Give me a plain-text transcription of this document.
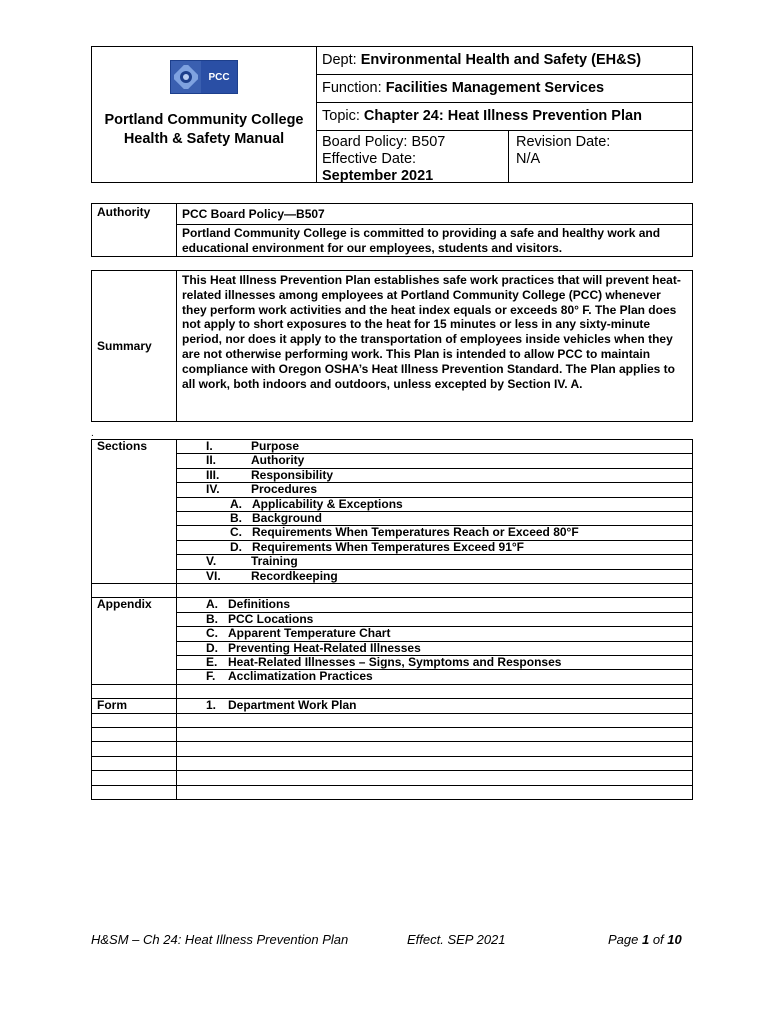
PCC
Portland Community College
Health & Safety Manual
	Dept: Environmental Health and Safety (EH&S)
Function: Facilities Management Services
Topic: Chapter 24: Heat Illness Prevention Plan

Board Policy: B507
Effective Date:
September 2021
Revision Date:
N/A
Authority	PCC Board Policy—B507
Portland Community College is committed to providing a safe and healthy work and educational environment for our employees, students and visitors.
Summary	This Heat Illness Prevention Plan establishes safe work practices that will prevent heat-related illnesses among employees at Portland Community College (PCC) whenever they perform work activities and the heat index equals or exceeds 80° F. The Plan does not apply to short exposures to the heat for 15 minutes or less in any sixty-minute period, nor does it apply to the transportation of employees inside vehicles when they are not otherwise performing work. This Plan is intended to allow PCC to maintain compliance with Oregon OSHA’s Heat Illness Prevention Standard. The Plan applies to all work, both indoors and outdoors, unless excepted by Section IV. A.
.
Sections	I. Purpose
	II. Authority
	III. Responsibility
	IV. Procedures
	A. Applicability & Exceptions
	B. Background
	C. Requirements When Temperatures Reach or Exceed 80°F
	D. Requirements When Temperatures Exceed 91°F
	V. Training
	VI. Recordkeeping

Appendix	A. Definitions
	B. PCC Locations
	C. Apparent Temperature Chart
	D. Preventing Heat-Related Illnesses
	E. Heat-Related Illnesses – Signs, Symptoms and Responses
	F. Acclimatization Practices

Form	1. Department Work Plan

H&SM – Ch 24: Heat Illness Prevention Plan	Effect. SEP 2021	Page 1 of 10
